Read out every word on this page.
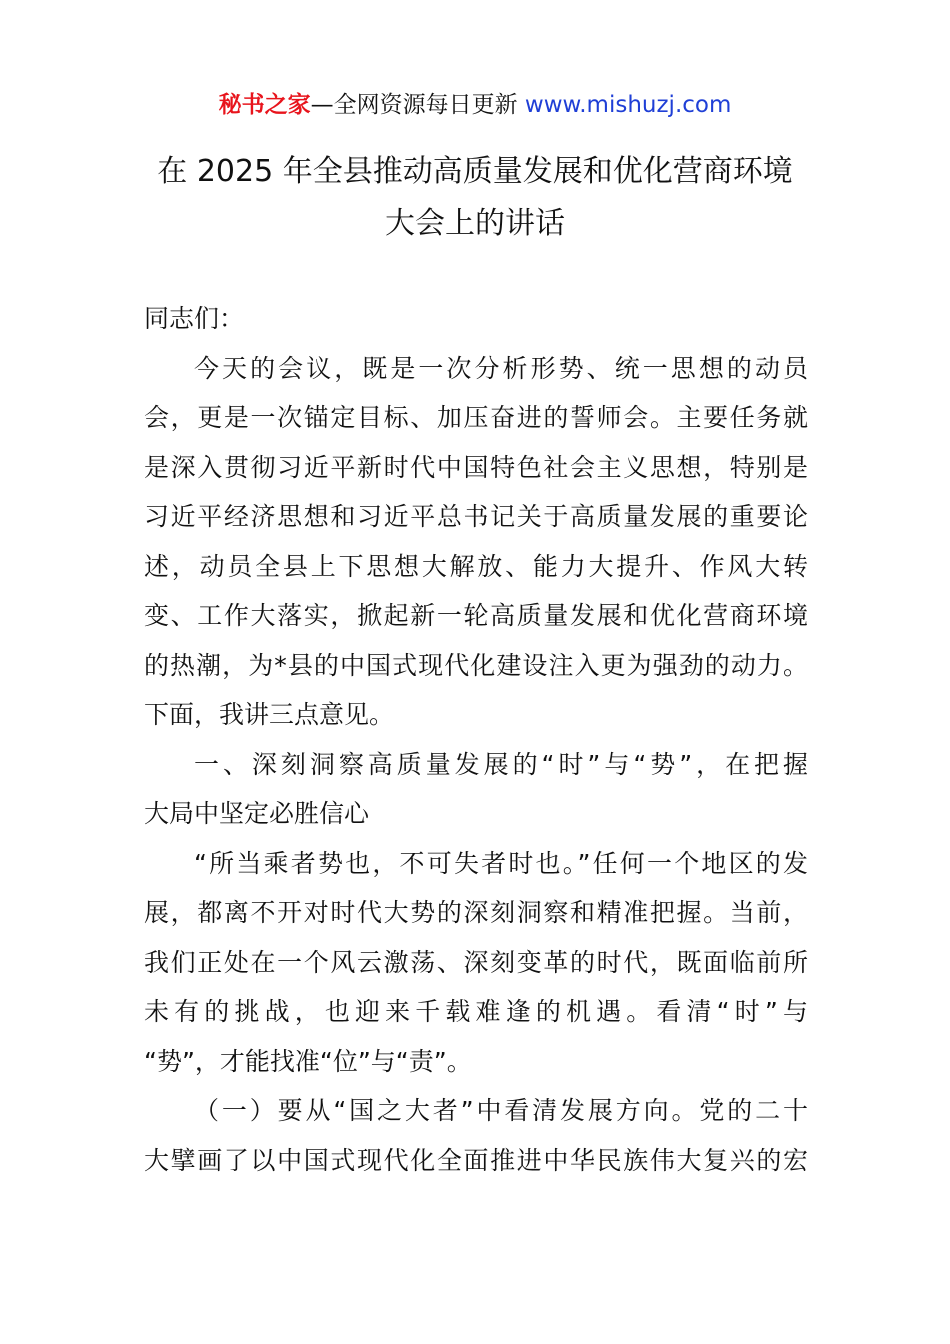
秘书之家—全网资源每日更新 www.mishuzj.com
在 2025 年全县推动高质量发展和优化营商环境
大会上的讲话
同志们：
今天的会议，既是一次分析形势、统一思想的动员
会，更是一次锚定目标、加压奋进的誓师会。主要任务就
是深入贯彻习近平新时代中国特色社会主义思想，特别是
习近平经济思想和习近平总书记关于高质量发展的重要论
述，动员全县上下思想大解放、能力大提升、作风大转
变、工作大落实，掀起新一轮高质量发展和优化营商环境
的热潮，为*县的中国式现代化建设注入更为强劲的动力。
下面，我讲三点意见。
一、深刻洞察高质量发展的“时”与“势”，在把握
大局中坚定必胜信心
“所当乘者势也，不可失者时也。”任何一个地区的发
展，都离不开对时代大势的深刻洞察和精准把握。当前，
我们正处在一个风云激荡、深刻变革的时代，既面临前所
未有的挑战，也迎来千载难逢的机遇。看清“时”与
“势”，才能找准“位”与“责”。
（一）要从“国之大者”中看清发展方向。党的二十
大擘画了以中国式现代化全面推进中华民族伟大复兴的宏
